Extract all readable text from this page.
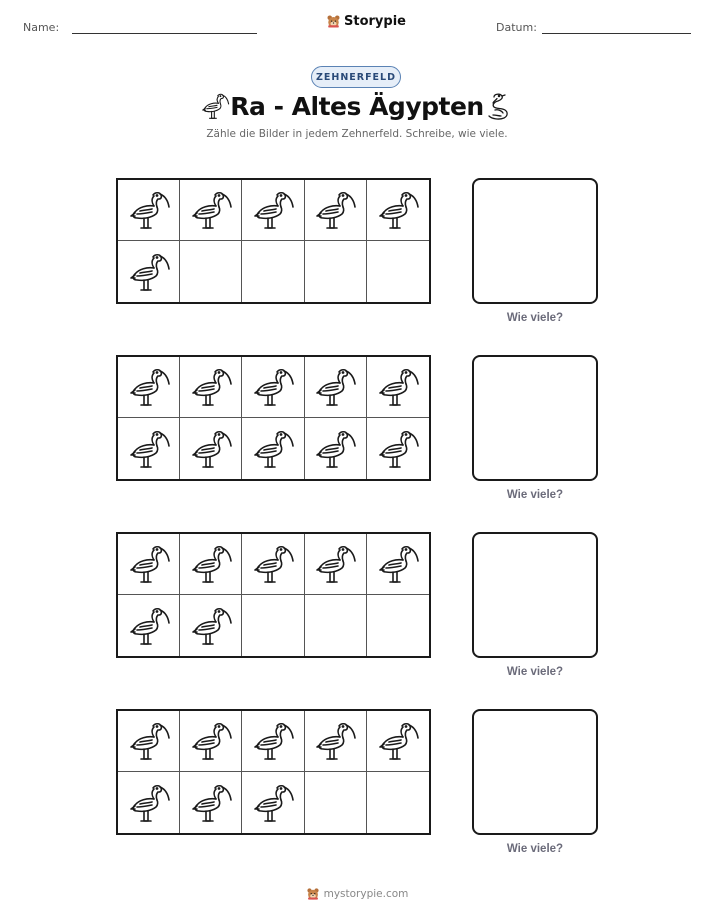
Name:	Storypie	Datum:
ZEHNERFELD
Ra - Altes Ägypten
Zähle die Bilder in jedem Zehnerfeld. Schreibe, wie viele.
Wie viele?
Wie viele?
Wie viele?
Wie viele?
mystorypie.com
